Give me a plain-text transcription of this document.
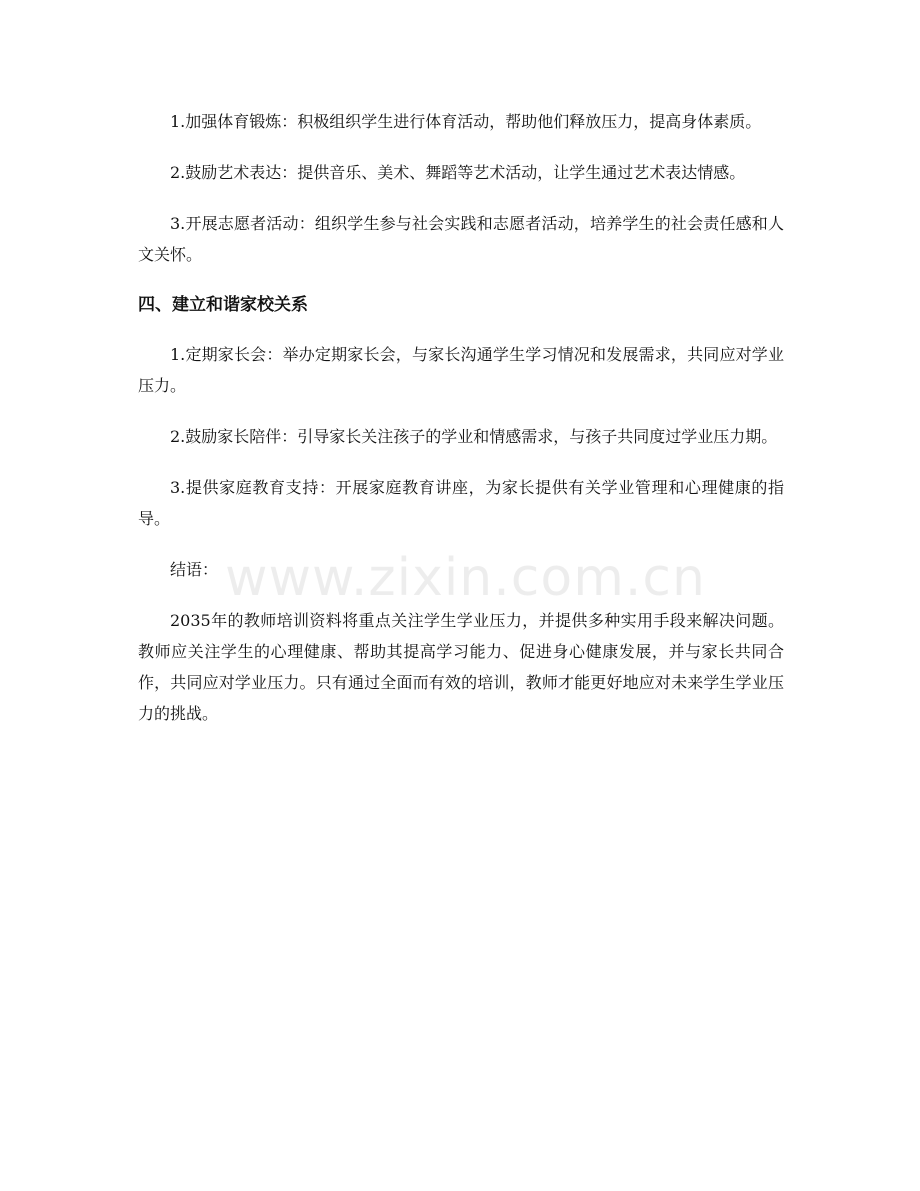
1.加强体育锻炼：积极组织学生进行体育活动，帮助他们释放压力，提高身体素质。

2.鼓励艺术表达：提供音乐、美术、舞蹈等艺术活动，让学生通过艺术表达情感。

3.开展志愿者活动：组织学生参与社会实践和志愿者活动，培养学生的社会责任感和人文关怀。

四、建立和谐家校关系

1.定期家长会：举办定期家长会，与家长沟通学生学习情况和发展需求，共同应对学业压力。

2.鼓励家长陪伴：引导家长关注孩子的学业和情感需求，与孩子共同度过学业压力期。

3.提供家庭教育支持：开展家庭教育讲座，为家长提供有关学业管理和心理健康的指导。

结语：

2035年的教师培训资料将重点关注学生学业压力，并提供多种实用手段来解决问题。教师应关注学生的心理健康、帮助其提高学习能力、促进身心健康发展，并与家长共同合作，共同应对学业压力。只有通过全面而有效的培训，教师才能更好地应对未来学生学业压力的挑战。

www.zixin.com.cn
